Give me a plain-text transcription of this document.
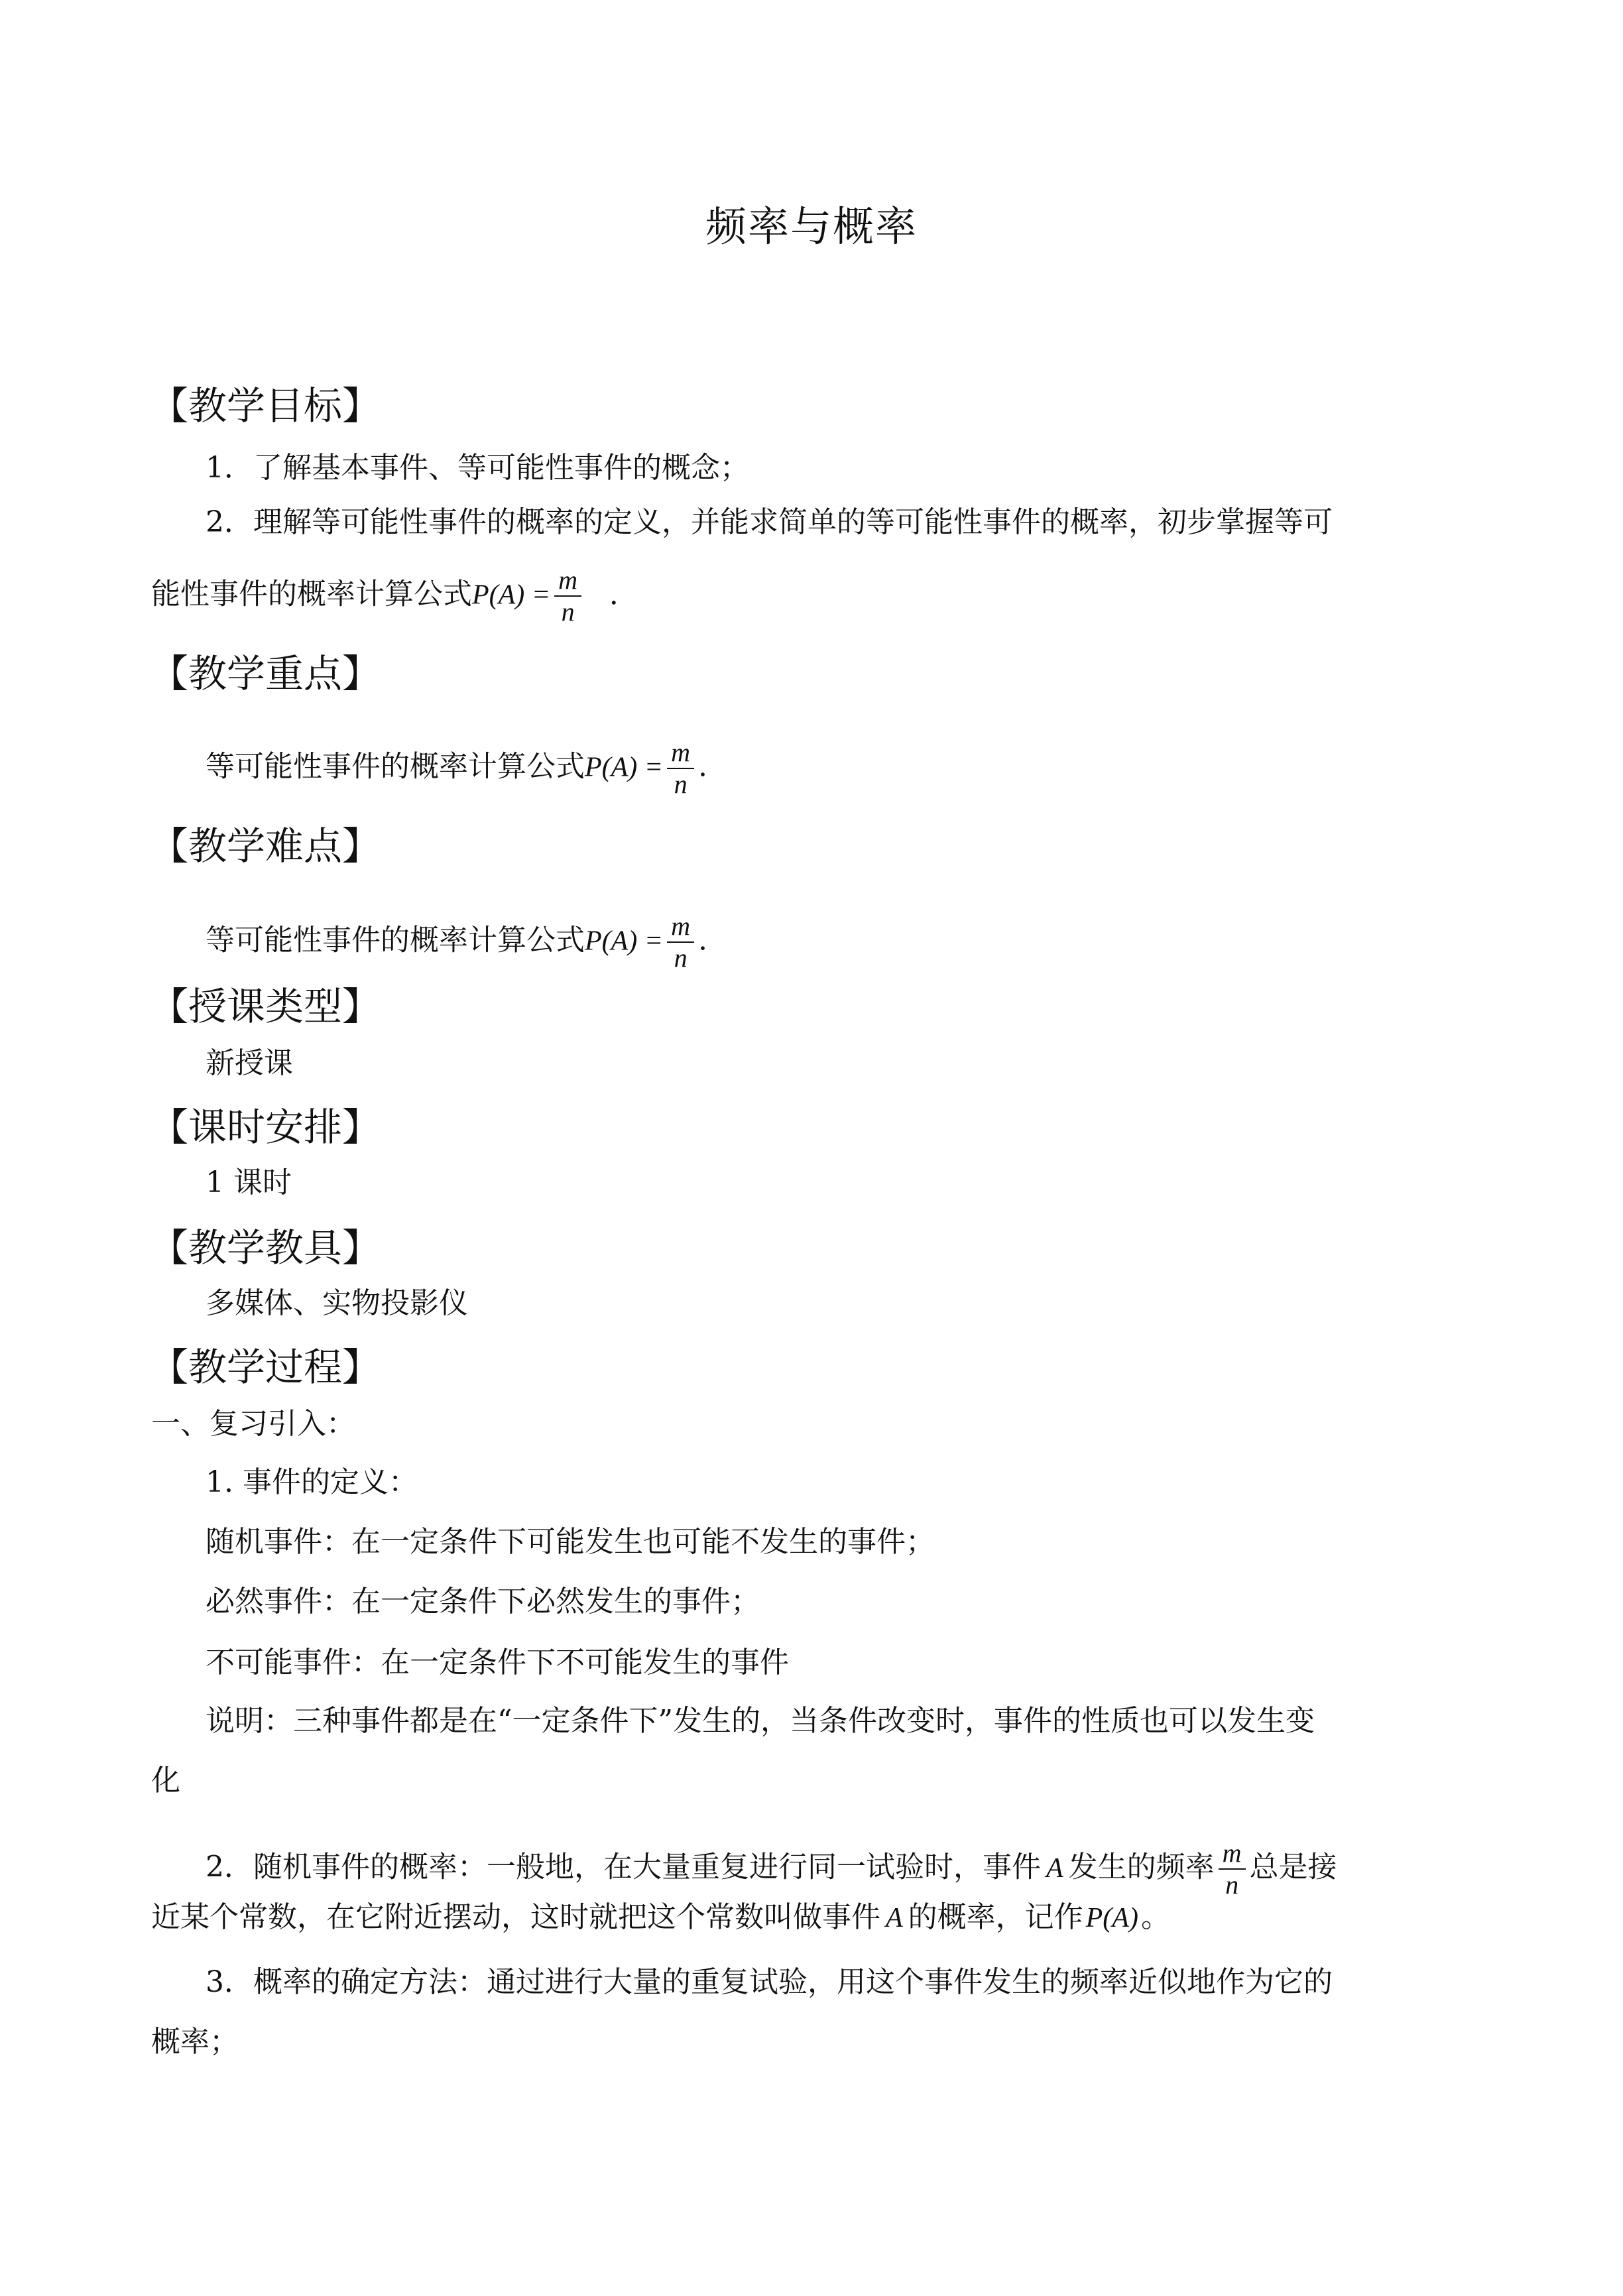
频率与概率
【教学目标】
1．了解基本事件、等可能性事件的概念；
2．理解等可能性事件的概率的定义，并能求简单的等可能性事件的概率，初步掌握等可
能性事件的概率计算公式$P(A) = \frac{m}{n}$ ．
【教学重点】
等可能性事件的概率计算公式$P(A) = \frac{m}{n}$ .
【教学难点】
等可能性事件的概率计算公式$P(A) = \frac{m}{n}$ .
【授课类型】
新授课
【课时安排】
1 课时
【教学教具】
多媒体、实物投影仪
【教学过程】
一、复习引入：
1. 事件的定义：
随机事件：在一定条件下可能发生也可能不发生的事件；
必然事件：在一定条件下必然发生的事件；
不可能事件：在一定条件下不可能发生的事件
说明：三种事件都是在“一定条件下”发生的，当条件改变时，事件的性质也可以发生变
化
2．随机事件的概率：一般地，在大量重复进行同一试验时，事件 A 发生的频率 $\frac{m}{n}$ 总是接
近某个常数，在它附近摆动，这时就把这个常数叫做事件 A 的概率，记作P(A)。
3．概率的确定方法：通过进行大量的重复试验，用这个事件发生的频率近似地作为它的
概率；
